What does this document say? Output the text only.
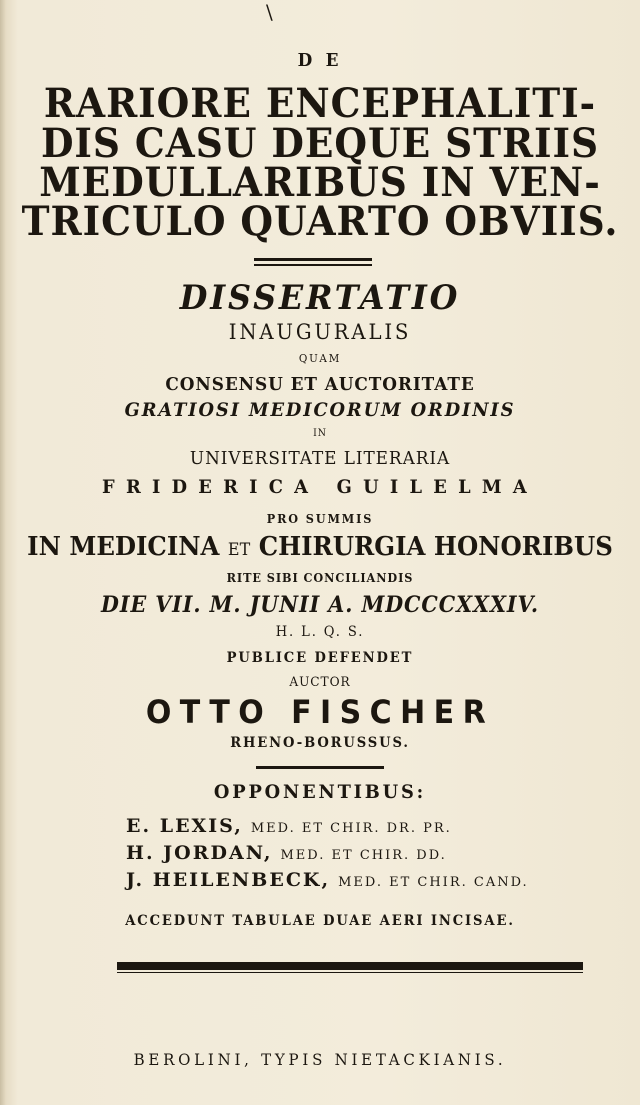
\
D E
RARIORE ENCEPHALITI-
DIS CASU DEQUE STRIIS
MEDULLARIBUS IN VEN-
TRICULO QUARTO OBVIIS.
DISSERTATIO
INAUGURALIS
QUAM
CONSENSU ET AUCTORITATE
GRATIOSI MEDICORUM ORDINIS
IN
UNIVERSITATE LITERARIA
FRIDERICA GUILELMA
PRO SUMMIS
IN MEDICINA ET CHIRURGIA HONORIBUS
RITE SIBI CONCILIANDIS
DIE VII. M. JUNII A. MDCCCXXXIV.
H. L. Q. S.
PUBLICE DEFENDET
AUCTOR
OTTO FISCHER
RHENO-BORUSSUS.
OPPONENTIBUS:
E. LEXIS, MED. ET CHIR. DR. PR.
H. JORDAN, MED. ET CHIR. DD.
J. HEILENBECK, MED. ET CHIR. CAND.
ACCEDUNT TABULAE DUAE AERI INCISAE.
BEROLINI, TYPIS NIETACKIANIS.
